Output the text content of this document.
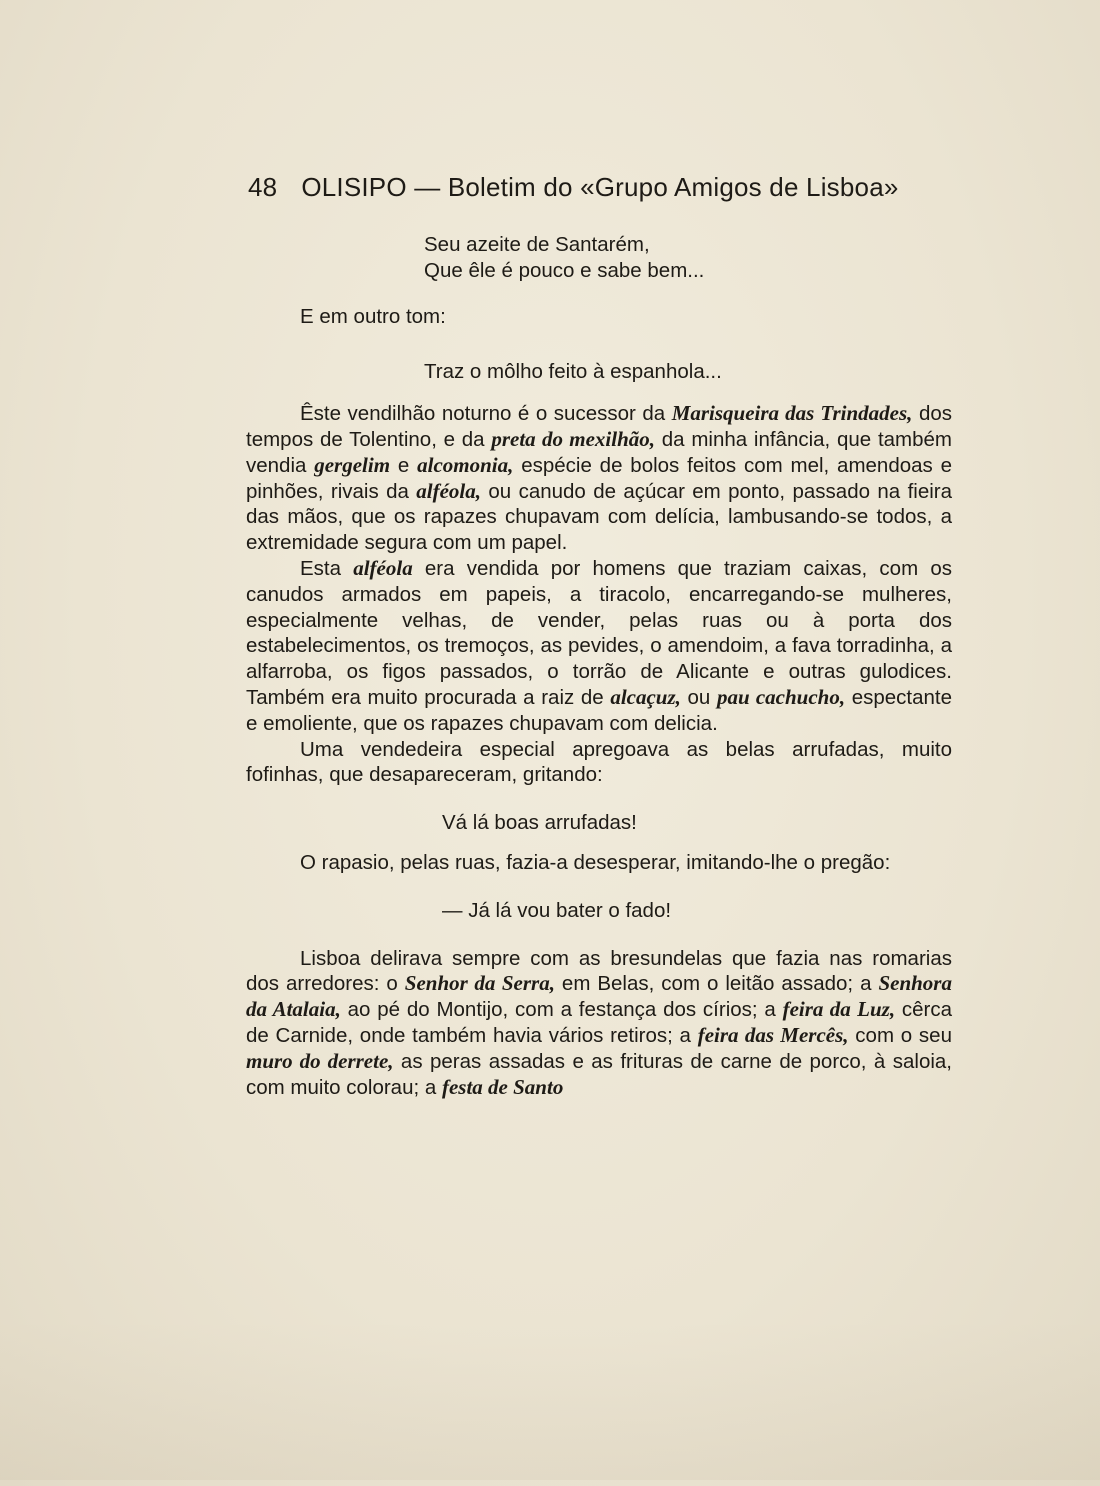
48 OLISIPO — Boletim do «Grupo Amigos de Lisboa»
Seu azeite de Santarém,
Que êle é pouco e sabe bem...

E em outro tom:

Traz o môlho feito à espanhola...

Êste vendilhão noturno é o sucessor da Marisqueira das Trindades, dos tempos de Tolentino, e da preta do mexilhão, da minha infância, que também vendia gergelim e alcomonia, espécie de bolos feitos com mel, amendoas e pinhões, rivais da alféola, ou canudo de açúcar em ponto, passado na fieira das mãos, que os rapazes chupavam com delícia, lambusando-se todos, a extremidade segura com um papel.

Esta alféola era vendida por homens que traziam caixas, com os canudos armados em papeis, a tiracolo, encarregando-se mulheres, especialmente velhas, de vender, pelas ruas ou à porta dos estabelecimentos, os tremoços, as pevides, o amendoim, a fava torradinha, a alfarroba, os figos passados, o torrão de Alicante e outras gulodices. Também era muito procurada a raiz de alcaçuz, ou pau cachucho, espectante e emoliente, que os rapazes chupavam com delicia.

Uma vendedeira especial apregoava as belas arrufadas, muito fofinhas, que desapareceram, gritando:

Vá lá boas arrufadas!

O rapasio, pelas ruas, fazia-a desesperar, imitando-lhe o pregão:

— Já lá vou bater o fado!

Lisboa delirava sempre com as bresundelas que fazia nas romarias dos arredores: o Senhor da Serra, em Belas, com o leitão assado; a Senhora da Atalaia, ao pé do Montijo, com a festança dos círios; a feira da Luz, cêrca de Carnide, onde também havia vários retiros; a feira das Mercês, com o seu muro do derrete, as peras assadas e as frituras de carne de porco, à saloia, com muito colorau; a festa de Santo
